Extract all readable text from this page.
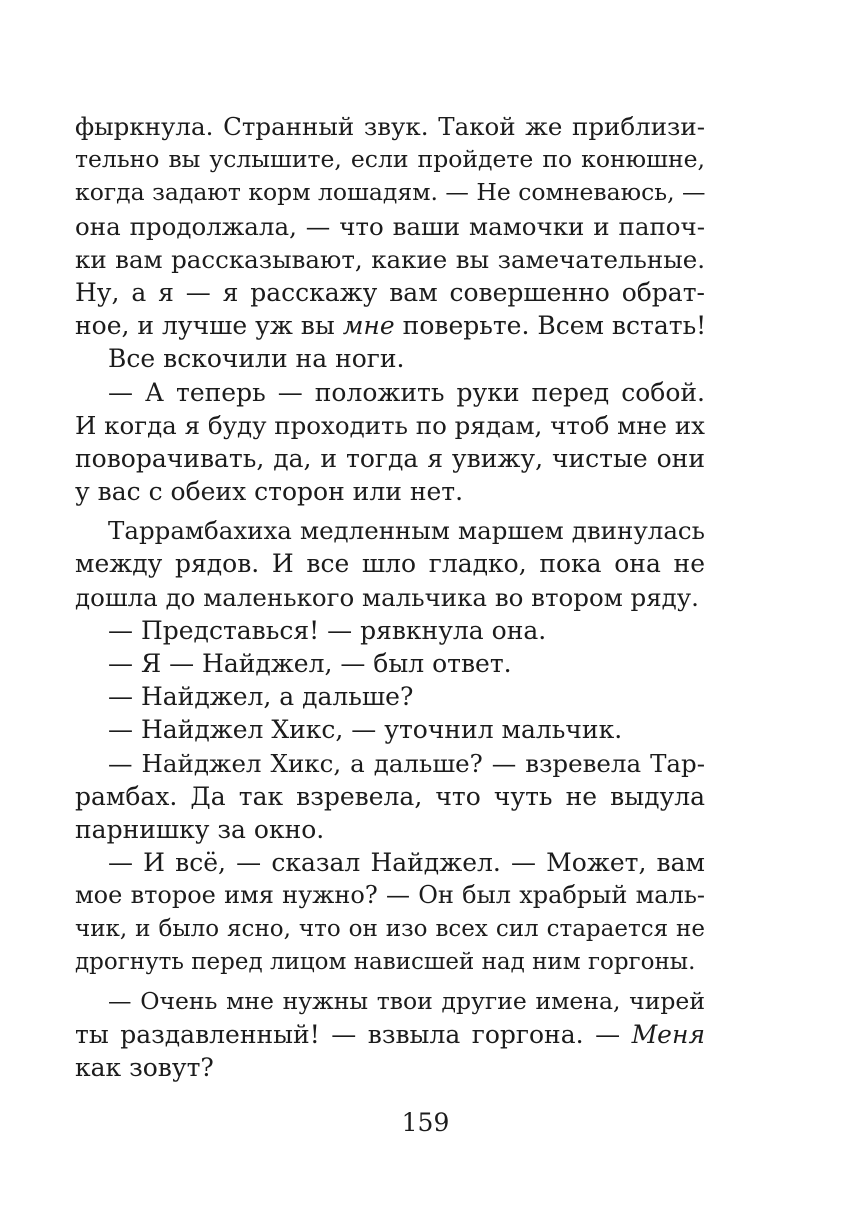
фыркнула. Странный звук. Такой же приблизи-
тельно вы услышите, если пройдете по конюшне,
когда задают корм лошадям. — Не сомневаюсь, —
она продолжала, — что ваши мамочки и папоч-
ки вам рассказывают, какие вы замечательные.
Ну, а я — я расскажу вам совершенно обрат-
ное, и лучше уж вы мне поверьте. Всем встать!
Все вскочили на ноги.
— А теперь — положить руки перед собой.
И когда я буду проходить по рядам, чтоб мне их
поворачивать, да, и тогда я увижу, чистые они
у вас с обеих сторон или нет.
Таррамбахиха медленным маршем двинулась
между рядов. И все шло гладко, пока она не
дошла до маленького мальчика во втором ряду.
— Представься! — рявкнула она.
— Я — Найджел, — был ответ.
— Найджел, а дальше?
— Найджел Хикс, — уточнил мальчик.
— Найджел Хикс, а дальше? — взревела Тар-
рамбах. Да так взревела, что чуть не выдула
парнишку за окно.
— И всё, — сказал Найджел. — Может, вам
мое второе имя нужно? — Он был храбрый маль-
чик, и было ясно, что он изо всех сил старается не
дрогнуть перед лицом нависшей над ним горгоны.
— Очень мне нужны твои другие имена, чирей
ты раздавленный! — взвыла горгона. — Меня
как зовут?
159
